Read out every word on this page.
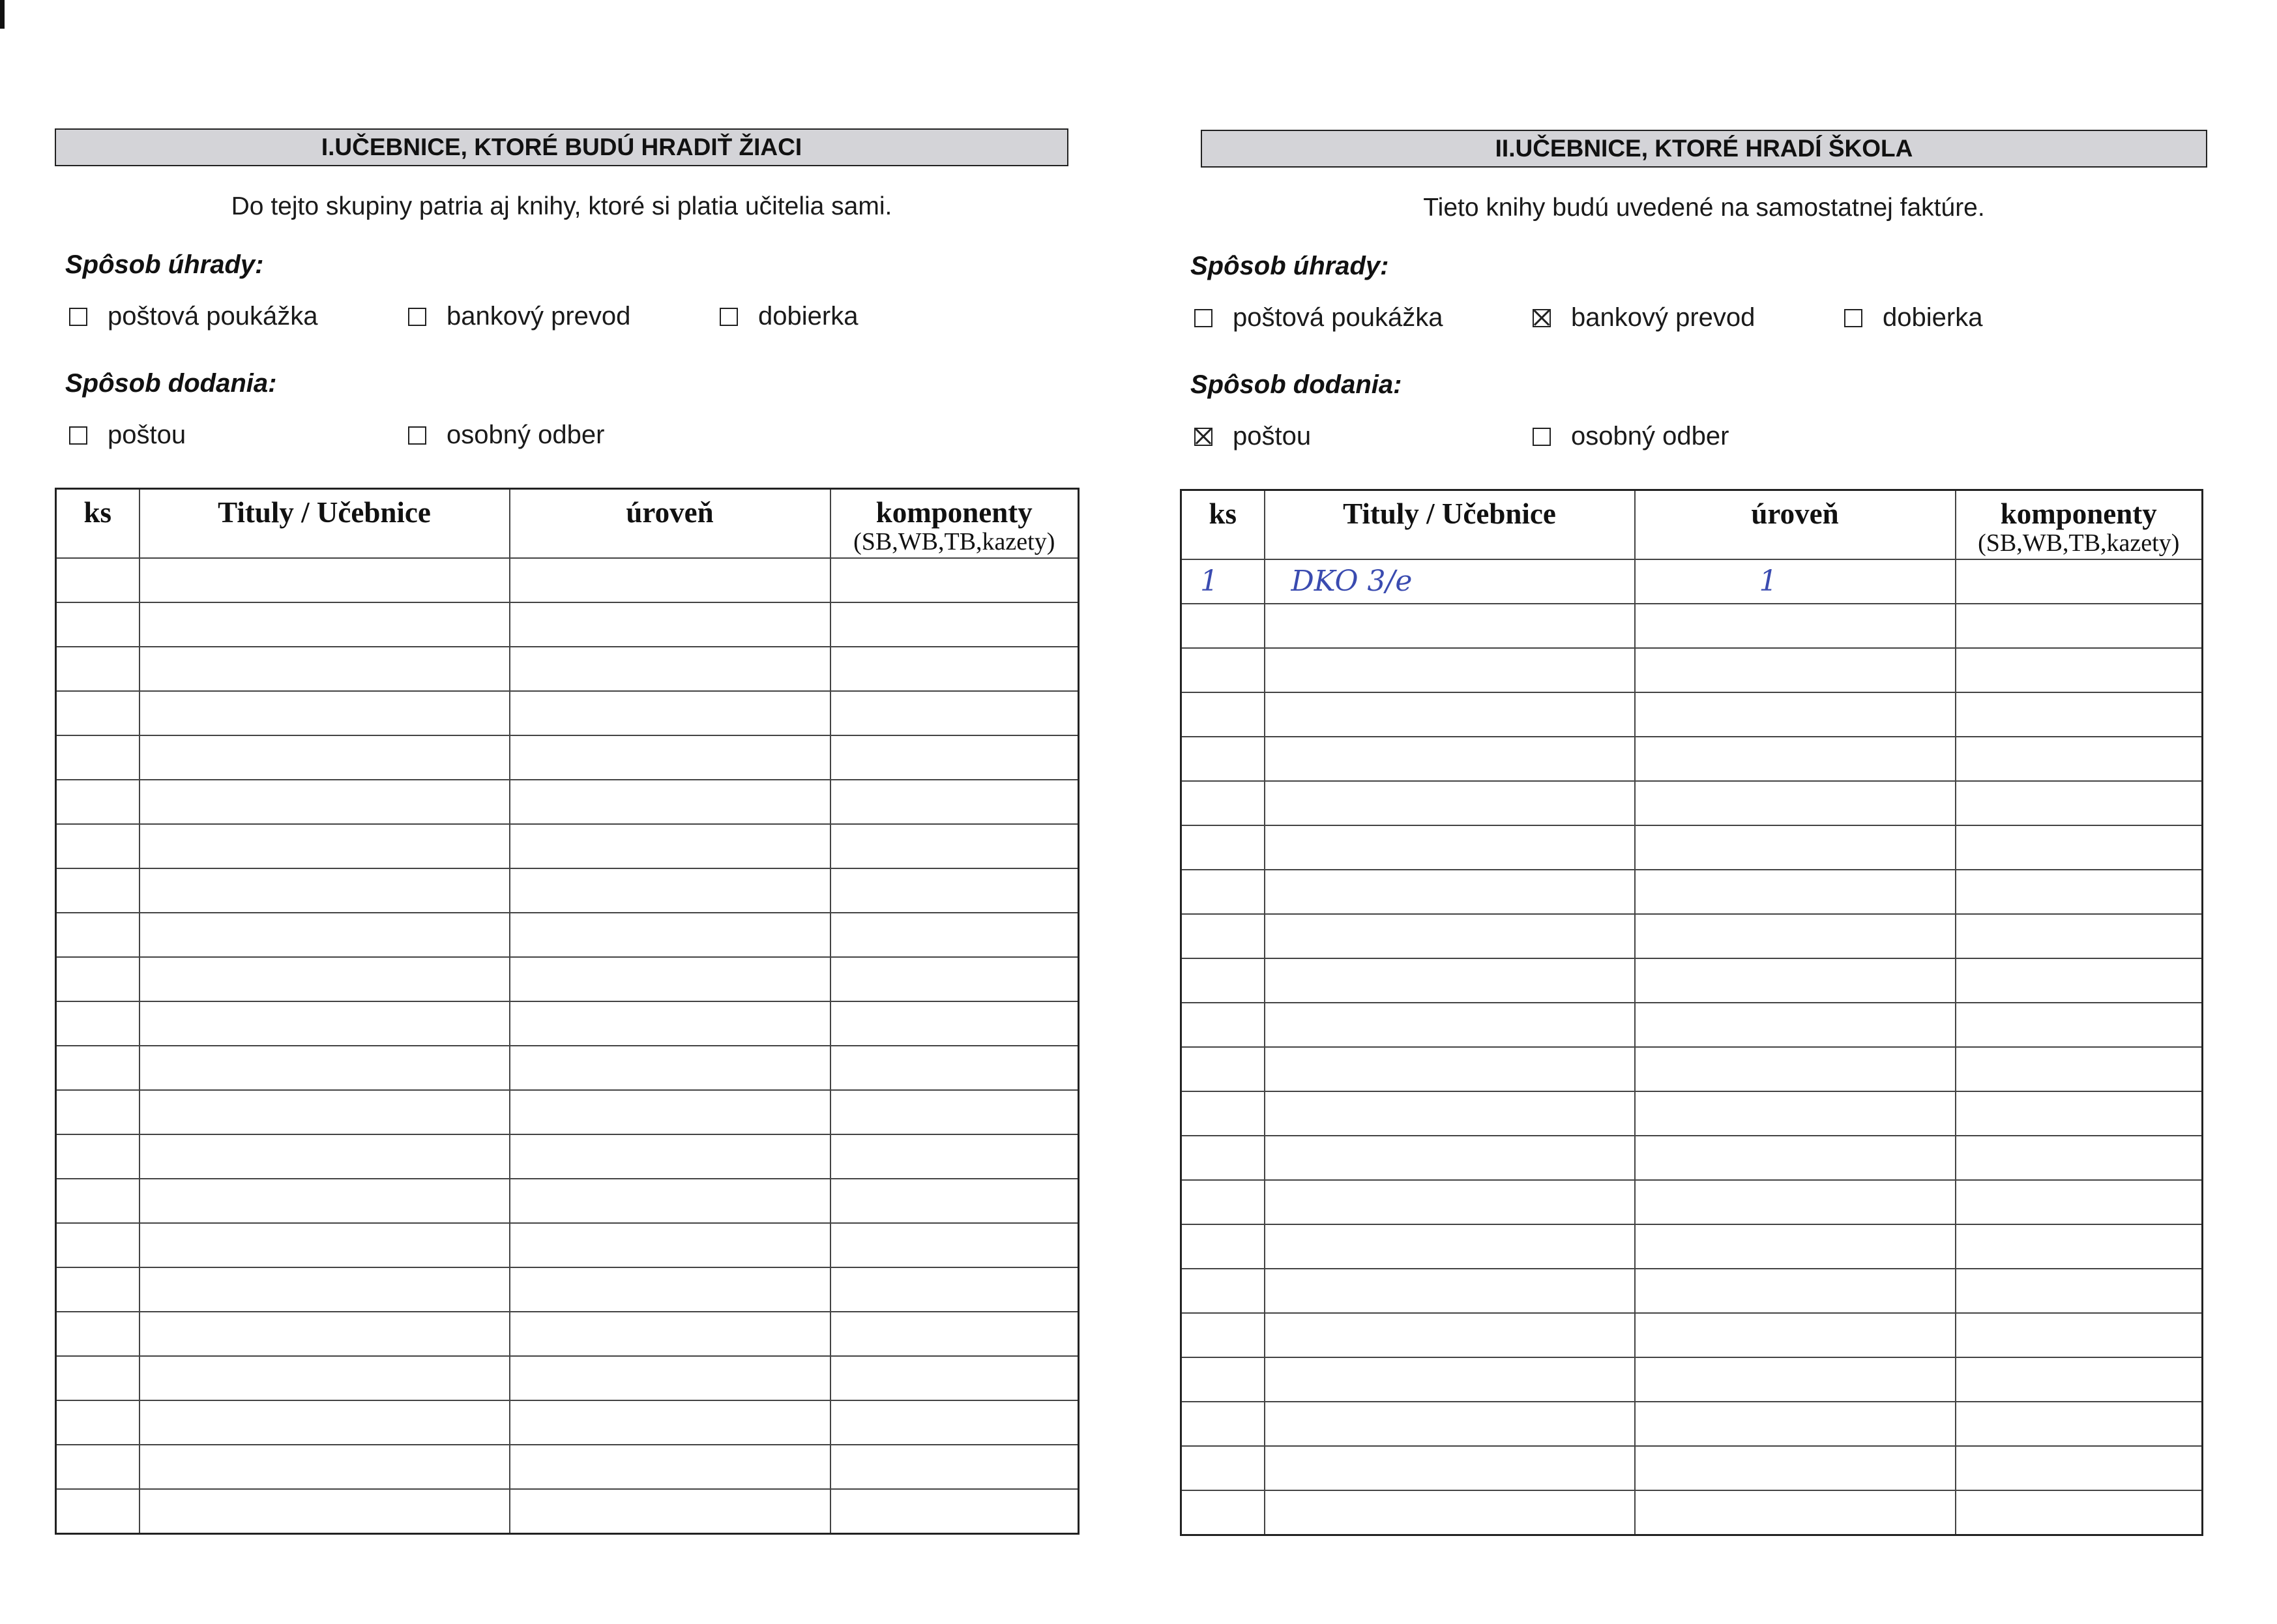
I.UČEBNICE, KTORÉ BUDÚ HRADIŤ ŽIACI
Do tejto skupiny patria aj knihy, ktoré si platia učitelia sami.
Spôsob úhrady:
poštová poukážka	bankový prevod	dobierka
Spôsob dodania:
poštou	osobný odber
ks	Tituly / Učebnice	úroveň	komponenty
(SB,WB,TB,kazety)

II.UČEBNICE, KTORÉ HRADÍ ŠKOLA
Tieto knihy budú uvedené na samostatnej faktúre.
Spôsob úhrady:
poštová poukážka	bankový prevod	dobierka
Spôsob dodania:
poštou	osobný odber
ks	Tituly / Učebnice	úroveň	komponenty
(SB,WB,TB,kazety)

1	DKO 3/e	1	
